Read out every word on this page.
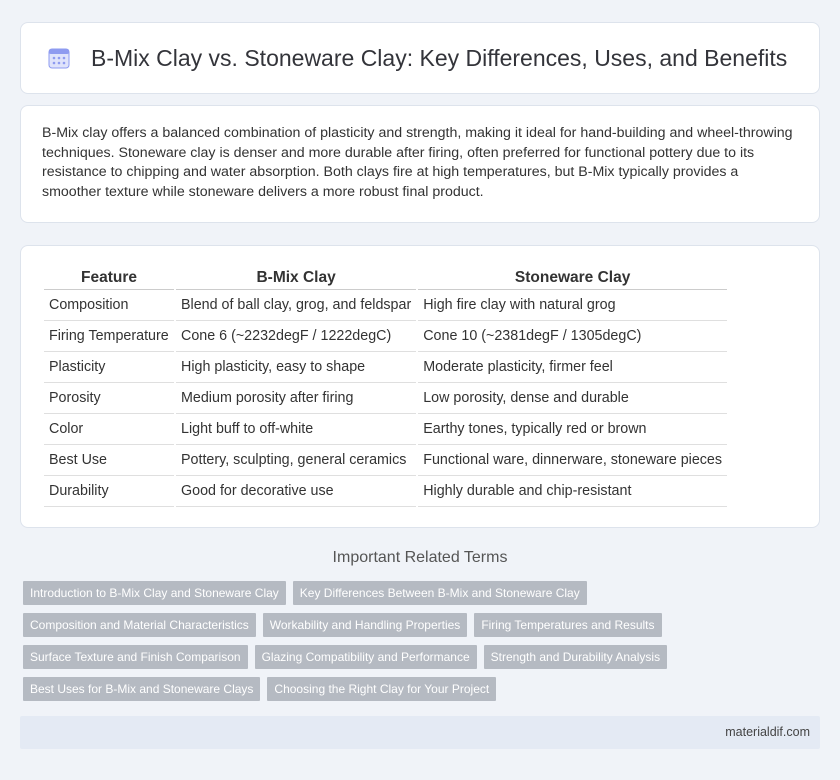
B-Mix Clay vs. Stoneware Clay: Key Differences, Uses, and Benefits

B-Mix clay offers a balanced combination of plasticity and strength, making it ideal for hand-building and wheel-throwing techniques. Stoneware clay is denser and more durable after firing, often preferred for functional pottery due to its resistance to chipping and water absorption. Both clays fire at high temperatures, but B-Mix typically provides a smoother texture while stoneware delivers a more robust final product.

Feature	B-Mix Clay	Stoneware Clay
Composition	Blend of ball clay, grog, and feldspar	High fire clay with natural grog
Firing Temperature	Cone 6 (~2232degF / 1222degC)	Cone 10 (~2381degF / 1305degC)
Plasticity	High plasticity, easy to shape	Moderate plasticity, firmer feel
Porosity	Medium porosity after firing	Low porosity, dense and durable
Color	Light buff to off-white	Earthy tones, typically red or brown
Best Use	Pottery, sculpting, general ceramics	Functional ware, dinnerware, stoneware pieces
Durability	Good for decorative use	Highly durable and chip-resistant
Important Related Terms
Introduction to B-Mix Clay and Stoneware Clay	Key Differences Between B-Mix and Stoneware Clay
Composition and Material Characteristics	Workability and Handling Properties	Firing Temperatures and Results
Surface Texture and Finish Comparison	Glazing Compatibility and Performance	Strength and Durability Analysis
Best Uses for B-Mix and Stoneware Clays	Choosing the Right Clay for Your Project
materialdif.com
